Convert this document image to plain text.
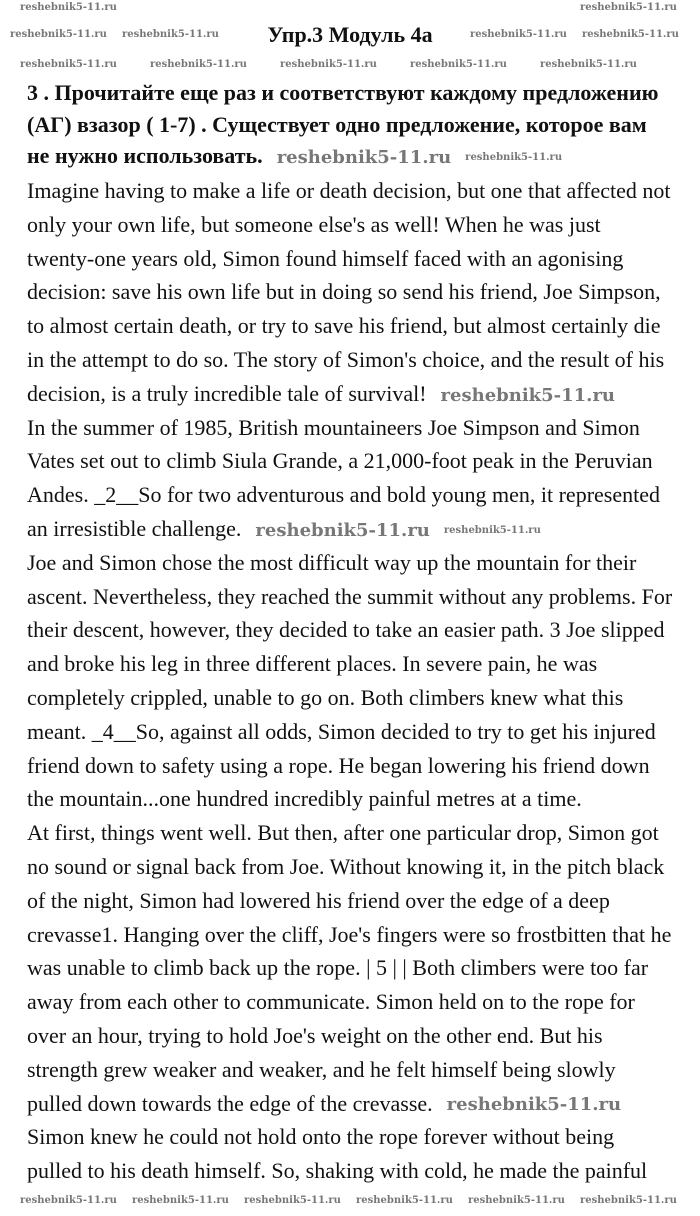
Упр.3 Модуль 4а
3 . Прочитайте еще раз и соответствуют каждому предложению
(АГ) взазор ( 1-7) . Существует одно предложение, которое вам
не нужно использовать. reshebnik5-11.ru reshebnik5-11.ru
Imagine having to make a life or death decision, but one that affected not
only your own life, but someone else's as well! When he was just
twenty-one years old, Simon found himself faced with an agonising
decision: save his own life but in doing so send his friend, Joe Simpson,
to almost certain death, or try to save his friend, but almost certainly die
in the attempt to do so. The story of Simon's choice, and the result of his
decision, is a truly incredible tale of survival! reshebnik5-11.ru
In the summer of 1985, British mountaineers Joe Simpson and Simon
Vates set out to climb Siula Grande, a 21,000-foot peak in the Peruvian
Andes. _2__So for two adventurous and bold young men, it represented
an irresistible challenge. reshebnik5-11.ru reshebnik5-11.ru
Joe and Simon chose the most difficult way up the mountain for their
ascent. Nevertheless, they reached the summit without any problems. For
their descent, however, they decided to take an easier path. 3 Joe slipped
and broke his leg in three different places. In severe pain, he was
completely crippled, unable to go on. Both climbers knew what this
meant. _4__So, against all odds, Simon decided to try to get his injured
friend down to safety using a rope. He began lowering his friend down
the mountain...one hundred incredibly painful metres at a time.
At first, things went well. But then, after one particular drop, Simon got
no sound or signal back from Joe. Without knowing it, in the pitch black
of the night, Simon had lowered his friend over the edge of a deep
crevasse1. Hanging over the cliff, Joe's fingers were so frostbitten that he
was unable to climb back up the rope. | 5 | | Both climbers were too far
away from each other to communicate. Simon held on to the rope for
over an hour, trying to hold Joe's weight on the other end. But his
strength grew weaker and weaker, and he felt himself being slowly
pulled down towards the edge of the crevasse. reshebnik5-11.ru
Simon knew he could not hold onto the rope forever without being
pulled to his death himself. So, shaking with cold, he made the painful
reshebnik5-11.ru	reshebnik5-11.ru
reshebnik5-11.ru reshebnik5-11.ru	reshebnik5-11.ru reshebnik5-11.ru
reshebnik5-11.ru	reshebnik5-11.ru	reshebnik5-11.ru	reshebnik5-11.ru	reshebnik5-11.ru
reshebnik5-11.ru reshebnik5-11.ru reshebnik5-11.ru reshebnik5-11.ru reshebnik5-11.ru reshebnik5-11.ru
